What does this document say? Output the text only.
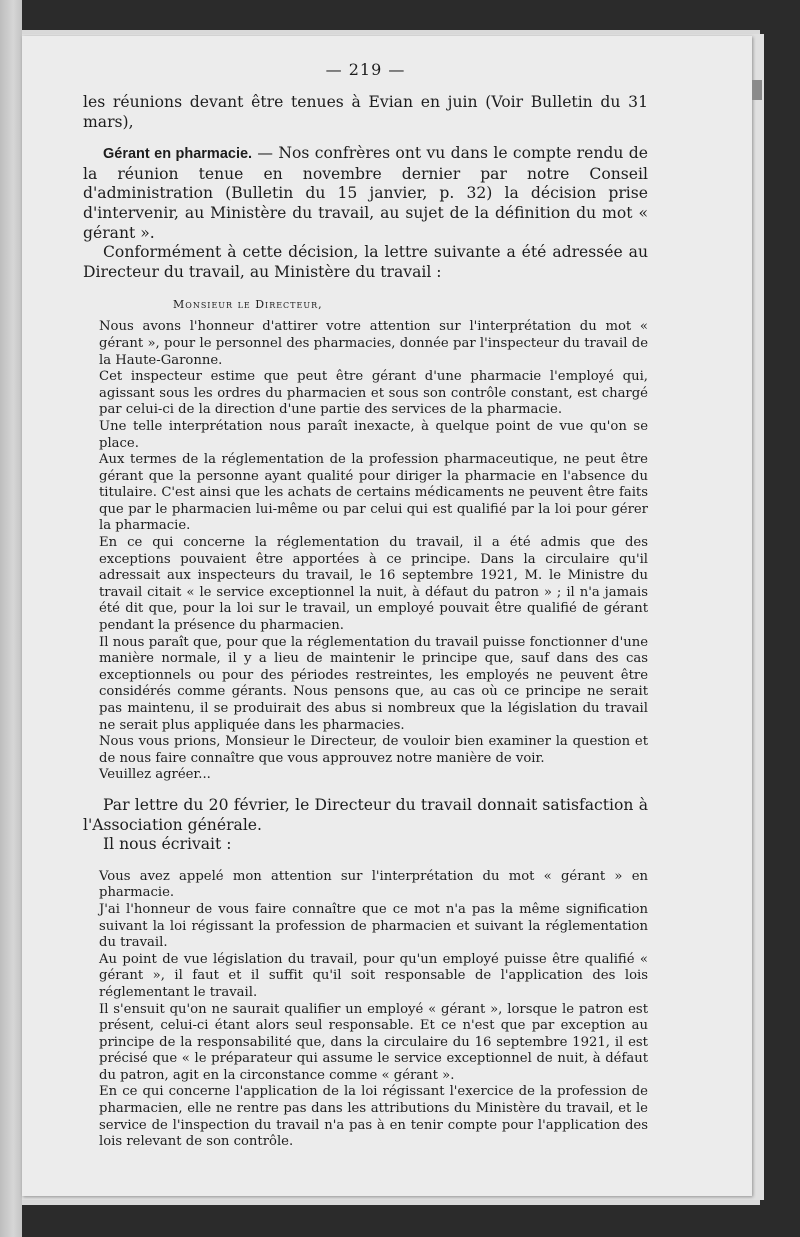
— 219 —

les réunions devant être tenues à Evian en juin (Voir Bulletin du 31 mars),

Gérant en pharmacie. — Nos confrères ont vu dans le compte rendu de la réunion tenue en novembre dernier par notre Conseil d'administration (Bulletin du 15 janvier, p. 32) la décision prise d'intervenir, au Ministère du travail, au sujet de la définition du mot « gérant ».

Conformément à cette décision, la lettre suivante a été adressée au Directeur du travail, au Ministère du travail :

Monsieur le Directeur,

Nous avons l'honneur d'attirer votre attention sur l'interprétation du mot « gérant », pour le personnel des pharmacies, donnée par l'inspecteur du travail de la Haute-Garonne.

Cet inspecteur estime que peut être gérant d'une pharmacie l'employé qui, agissant sous les ordres du pharmacien et sous son contrôle constant, est chargé par celui-ci de la direction d'une partie des services de la pharmacie.

Une telle interprétation nous paraît inexacte, à quelque point de vue qu'on se place.

Aux termes de la réglementation de la profession pharmaceutique, ne peut être gérant que la personne ayant qualité pour diriger la pharmacie en l'absence du titulaire. C'est ainsi que les achats de certains médicaments ne peuvent être faits que par le pharmacien lui-même ou par celui qui est qualifié par la loi pour gérer la pharmacie.

En ce qui concerne la réglementation du travail, il a été admis que des exceptions pouvaient être apportées à ce principe. Dans la circulaire qu'il adressait aux inspecteurs du travail, le 16 septembre 1921, M. le Ministre du travail citait « le service exceptionnel la nuit, à défaut du patron » ; il n'a jamais été dit que, pour la loi sur le travail, un employé pouvait être qualifié de gérant pendant la présence du pharmacien.

Il nous paraît que, pour que la réglementation du travail puisse fonctionner d'une manière normale, il y a lieu de maintenir le principe que, sauf dans des cas exceptionnels ou pour des périodes restreintes, les employés ne peuvent être considérés comme gérants. Nous pensons que, au cas où ce principe ne serait pas maintenu, il se produirait des abus si nombreux que la législation du travail ne serait plus appliquée dans les pharmacies.

Nous vous prions, Monsieur le Directeur, de vouloir bien examiner la question et de nous faire connaître que vous approuvez notre manière de voir.

Veuillez agréer...

Par lettre du 20 février, le Directeur du travail donnait satisfaction à l'Association générale.

Il nous écrivait :

Vous avez appelé mon attention sur l'interprétation du mot « gérant » en pharmacie.

J'ai l'honneur de vous faire connaître que ce mot n'a pas la même signification suivant la loi régissant la profession de pharmacien et suivant la réglementation du travail.

Au point de vue législation du travail, pour qu'un employé puisse être qualifié « gérant », il faut et il suffit qu'il soit responsable de l'application des lois réglementant le travail.

Il s'ensuit qu'on ne saurait qualifier un employé « gérant », lorsque le patron est présent, celui-ci étant alors seul responsable. Et ce n'est que par exception au principe de la responsabilité que, dans la circulaire du 16 septembre 1921, il est précisé que « le préparateur qui assume le service exceptionnel de nuit, à défaut du patron, agit en la circonstance comme « gérant ».

En ce qui concerne l'application de la loi régissant l'exercice de la profession de pharmacien, elle ne rentre pas dans les attributions du Ministère du travail, et le service de l'inspection du travail n'a pas à en tenir compte pour l'application des lois relevant de son contrôle.
